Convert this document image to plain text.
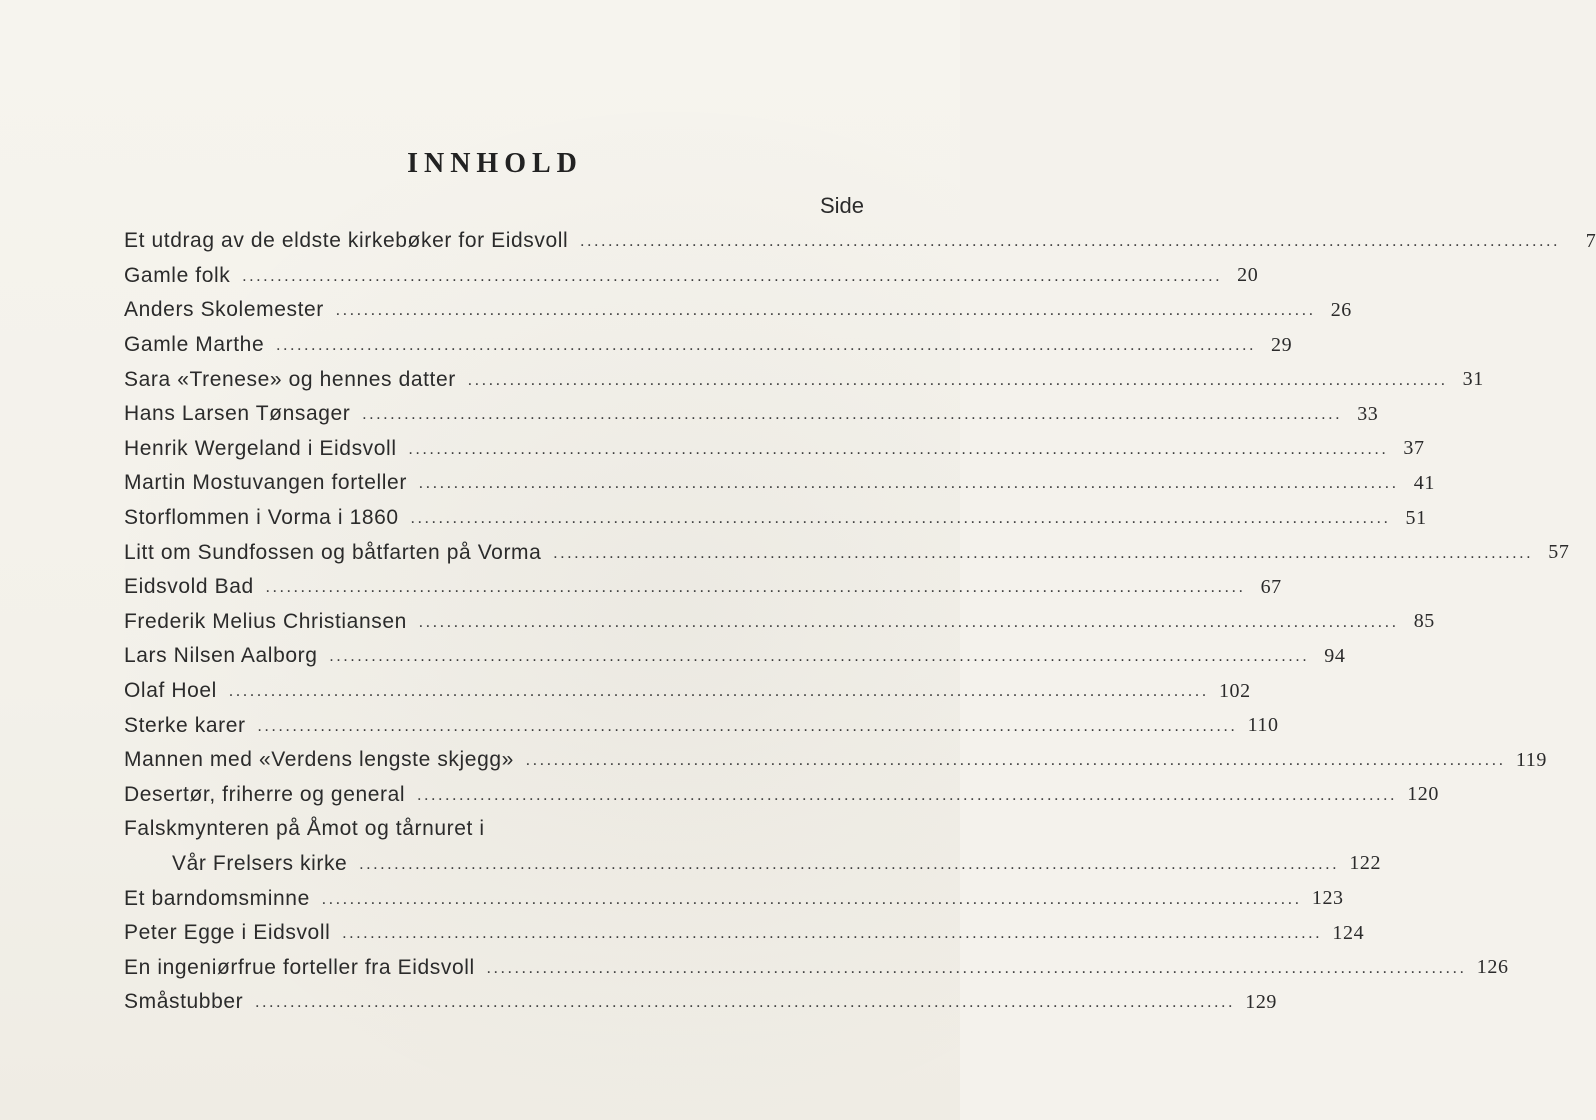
INNHOLD
Side
Et utdrag av de eldste kirkebøker for Eidsvoll ............................................................................................................................................	7
Gamle folk ............................................................................................................................................ 20
Anders Skolemester ............................................................................................................................................ 26
Gamle Marthe ............................................................................................................................................ 29
Sara «Trenese» og hennes datter ............................................................................................................................................ 31
Hans Larsen Tønsager ............................................................................................................................................ 33
Henrik Wergeland i Eidsvoll ............................................................................................................................................ 37
Martin Mostuvangen forteller ............................................................................................................................................ 41
Storflommen i Vorma i 1860 ............................................................................................................................................ 51
Litt om Sundfossen og båtfarten på Vorma ............................................................................................................................................ 57
Eidsvold Bad ............................................................................................................................................ 67
Frederik Melius Christiansen ............................................................................................................................................ 85
Lars Nilsen Aalborg ............................................................................................................................................ 94
Olaf Hoel ............................................................................................................................................ 102
Sterke karer ............................................................................................................................................ 110
Mannen med «Verdens lengste skjegg» ............................................................................................................................................ 119
Desertør, friherre og general ............................................................................................................................................ 120
Falskmynteren på Åmot og tårnuret i
Vår Frelsers kirke ............................................................................................................................................ 122
Et barndomsminne ............................................................................................................................................ 123
Peter Egge i Eidsvoll ............................................................................................................................................ 124
En ingeniørfrue forteller fra Eidsvoll ............................................................................................................................................ 126
Småstubber ............................................................................................................................................ 129
